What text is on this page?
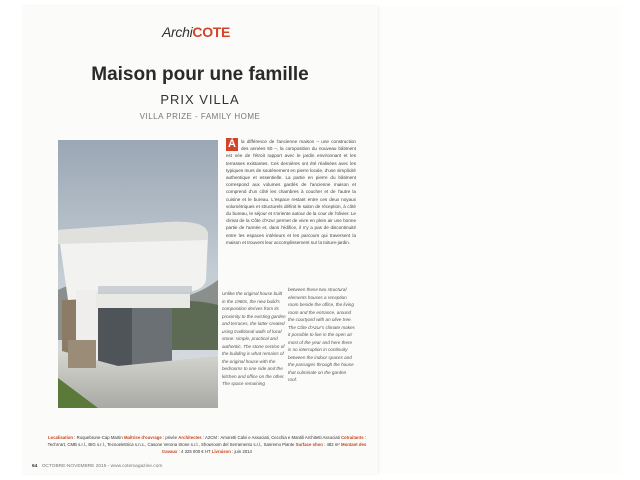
ArchiCOTE
Maison pour une famille
PRIX VILLA
VILLA PRIZE - FAMILY HOME
À	la différence de l'ancienne maison – une construction des années 60 –, la composition du nouveau bâtiment est née de l'étroit rapport avec le jardin environnant et les terrasses existantes. Ces dernières ont été réalisées avec les typiques murs de soutènement en pierre locale, d'une simplicité authentique et essentielle. La partie en pierre du bâtiment correspond aux volumes gardés de l'ancienne maison et comprend d'un côté les chambres à coucher et de l'autre la cuisine et le bureau. L'espace restant entre ces deux noyaux volumétriques et structurels définit le salon de réception, à côté du bureau, le séjour et s'oriente autour de la cour de l'olivier. Le climat de la Côte d'Azur permet de vivre en plein air une bonne partie de l'année et, dans l'édifice, il n'y a pas de discontinuité entre les espaces intérieurs et les parcours qui traversent la maison et trouvent leur accomplissement sur la toiture-jardin.
Unlike the original house built in the 1960s, the new build's composition derives from its proximity to the existing garden and terraces, the latter created using traditional walls of local stone: simple, practical and authentic. The stone section of the building is what remains of the original house with the bedrooms to one side and the kitchen and office on the other. The space remaining
between these two structural elements houses a reception room beside the office, the living room and the entrance, around the courtyard with an olive tree. The Côte d'Azur's climate makes it possible to live in the open air most of the year and here there is no interruption in continuity between the indoor spaces and the passages through the house that culminate on the garden roof.
Localisation : Roquebrune-Cap Martin Maîtrise d'ouvrage : privée Architectes : A2CM : Amoretti Calvi e Associati, Cecchia e Mantili Architetti Associati Cotraitants : Techn'art, CMB s.r.l., BIG s.r.l., Tecnoelettrica s.n.c., Casone Verona Stone s.r.l., Showroom del Serramento s.r.l., Sanremo Piante Surface shon : 482 m² Montant des travaux : 4 325 000 € HT Livraison : juin 2014
64 OCTOBRE-NOVEMBRE 2015 - www.cotemagazine.com
